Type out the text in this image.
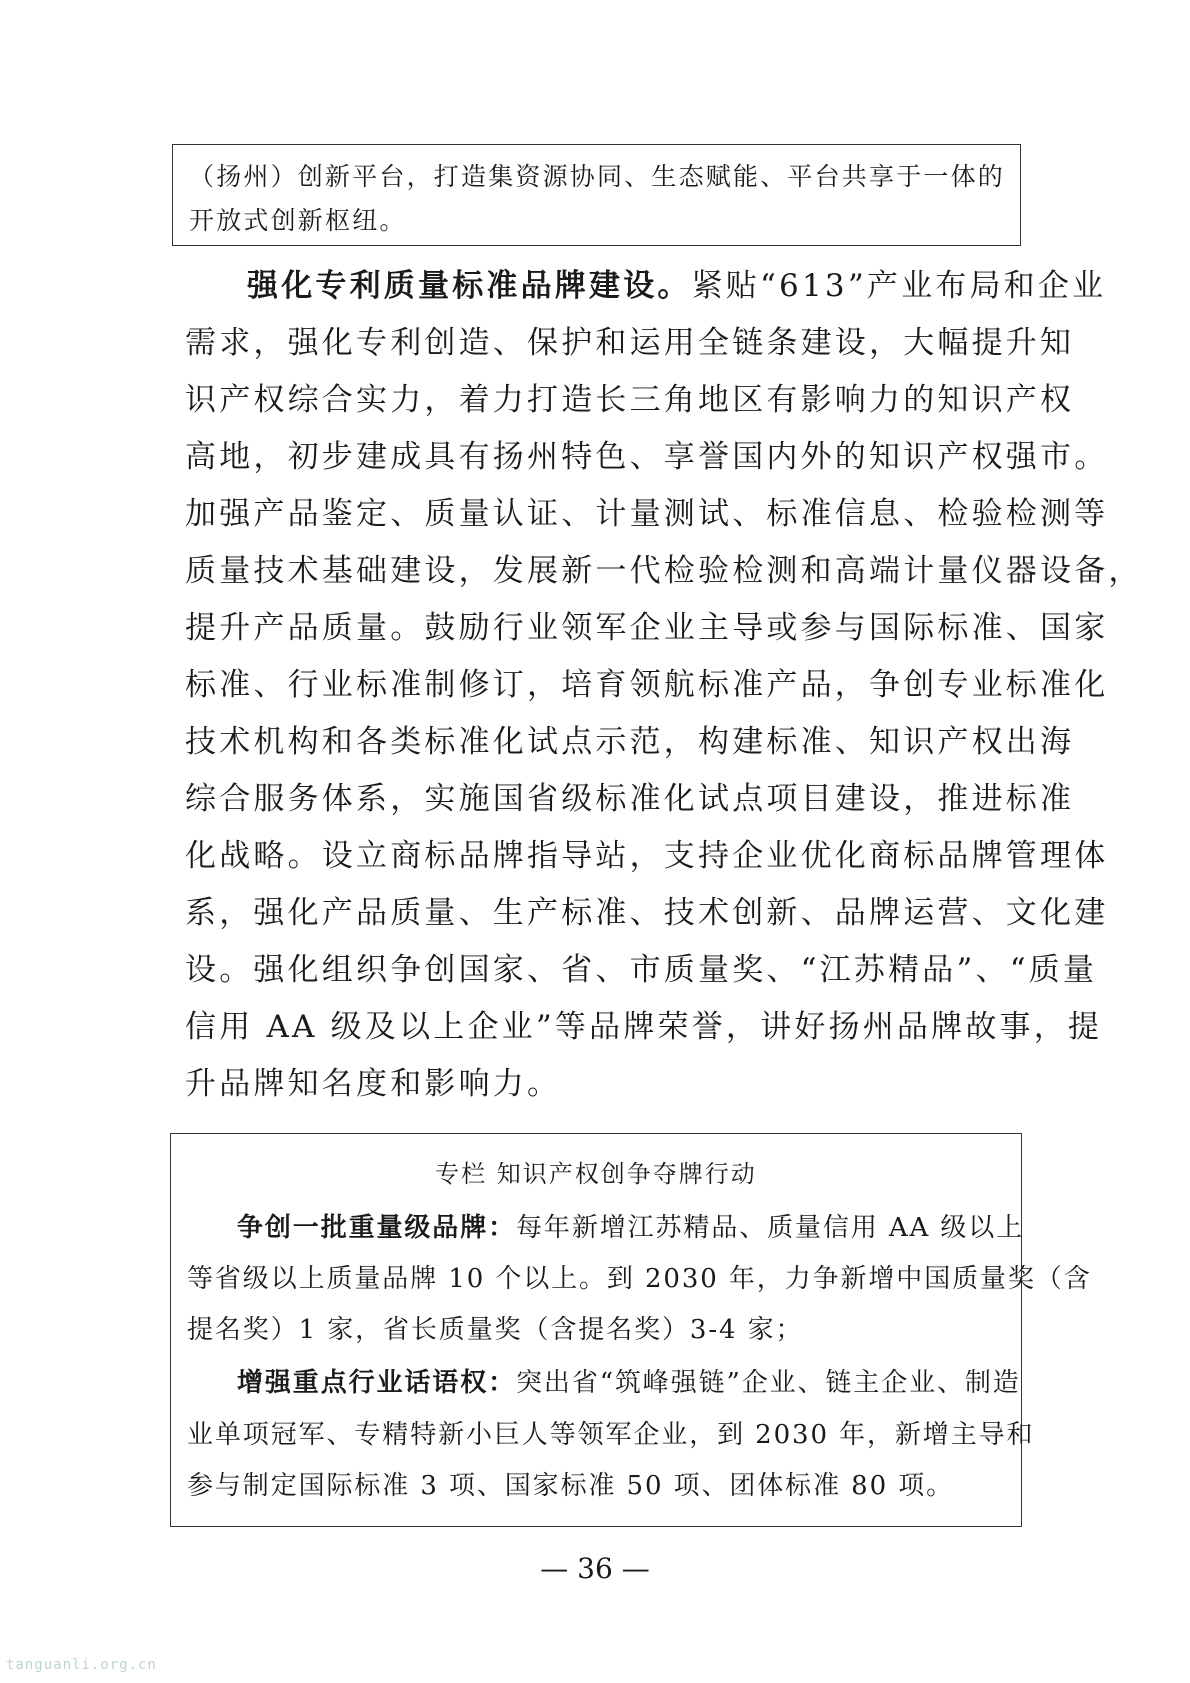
（扬州）创新平台，打造集资源协同、生态赋能、平台共享于一体的
开放式创新枢纽。
强化专利质量标准品牌建设。紧贴“613”产业布局和企业
需求，强化专利创造、保护和运用全链条建设，大幅提升知
识产权综合实力，着力打造长三角地区有影响力的知识产权
高地，初步建成具有扬州特色、享誉国内外的知识产权强市。
加强产品鉴定、质量认证、计量测试、标准信息、检验检测等
质量技术基础建设，发展新一代检验检测和高端计量仪器设备，
提升产品质量。鼓励行业领军企业主导或参与国际标准、国家
标准、行业标准制修订，培育领航标准产品，争创专业标准化
技术机构和各类标准化试点示范，构建标准、知识产权出海
综合服务体系，实施国省级标准化试点项目建设，推进标准
化战略。设立商标品牌指导站，支持企业优化商标品牌管理体
系，强化产品质量、生产标准、技术创新、品牌运营、文化建
设。强化组织争创国家、省、市质量奖、“江苏精品”、“质量
信用 AA 级及以上企业”等品牌荣誉，讲好扬州品牌故事，提
升品牌知名度和影响力。
专栏 知识产权创争夺牌行动
争创一批重量级品牌：每年新增江苏精品、质量信用 AA 级以上
等省级以上质量品牌 10 个以上。到 2030 年，力争新增中国质量奖（含
提名奖）1 家，省长质量奖（含提名奖）3-4 家；
增强重点行业话语权：突出省“筑峰强链”企业、链主企业、制造
业单项冠军、专精特新小巨人等领军企业，到 2030 年，新增主导和
参与制定国际标准 3 项、国家标准 50 项、团体标准 80 项。
— 36 —
tanguanli.org.cn
